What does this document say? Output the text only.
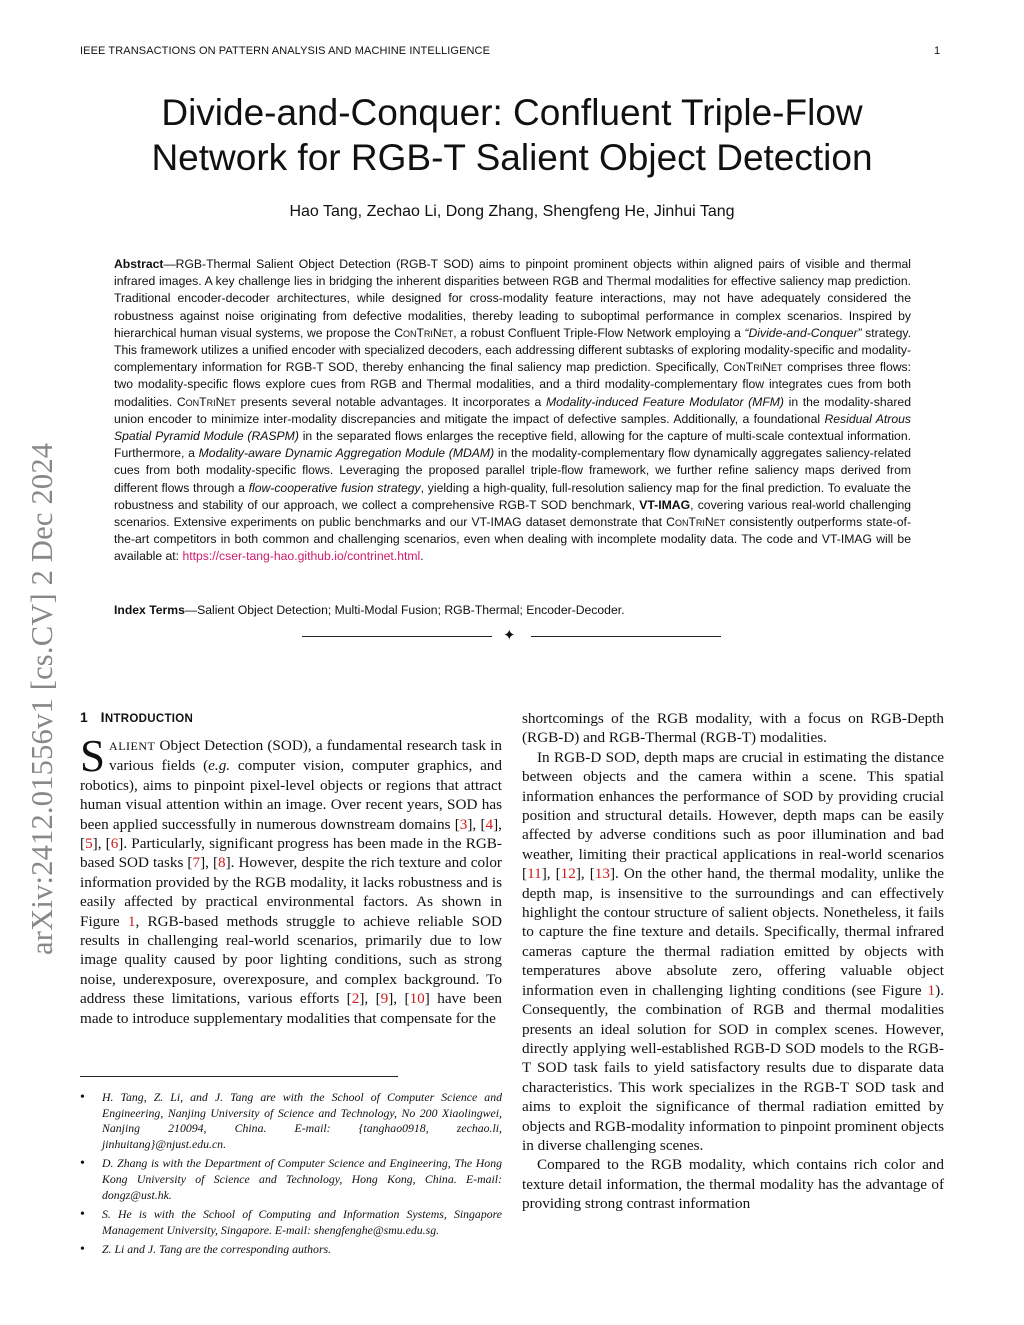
IEEE TRANSACTIONS ON PATTERN ANALYSIS AND MACHINE INTELLIGENCE	1
Divide-and-Conquer: Confluent Triple-Flow
Network for RGB-T Salient Object Detection
Hao Tang, Zechao Li, Dong Zhang, Shengfeng He, Jinhui Tang
Abstract—RGB-Thermal Salient Object Detection (RGB-T SOD) aims to pinpoint prominent objects within aligned pairs of visible and thermal infrared images. A key challenge lies in bridging the inherent disparities between RGB and Thermal modalities for effective saliency map prediction. Traditional encoder-decoder architectures, while designed for cross-modality feature interactions, may not have adequately considered the robustness against noise originating from defective modalities, thereby leading to suboptimal performance in complex scenarios. Inspired by hierarchical human visual systems, we propose the ConTriNet, a robust Confluent Triple-Flow Network employing a “Divide-and-Conquer” strategy. This framework utilizes a unified encoder with specialized decoders, each addressing different subtasks of exploring modality-specific and modality-complementary information for RGB-T SOD, thereby enhancing the final saliency map prediction. Specifically, ConTriNet comprises three flows: two modality-specific flows explore cues from RGB and Thermal modalities, and a third modality-complementary flow integrates cues from both modalities. ConTriNet presents several notable advantages. It incorporates a Modality-induced Feature Modulator (MFM) in the modality-shared union encoder to minimize inter-modality discrepancies and mitigate the impact of defective samples. Additionally, a foundational Residual Atrous Spatial Pyramid Module (RASPM) in the separated flows enlarges the receptive field, allowing for the capture of multi-scale contextual information. Furthermore, a Modality-aware Dynamic Aggregation Module (MDAM) in the modality-complementary flow dynamically aggregates saliency-related cues from both modality-specific flows. Leveraging the proposed parallel triple-flow framework, we further refine saliency maps derived from different flows through a flow-cooperative fusion strategy, yielding a high-quality, full-resolution saliency map for the final prediction. To evaluate the robustness and stability of our approach, we collect a comprehensive RGB-T SOD benchmark, VT-IMAG, covering various real-world challenging scenarios. Extensive experiments on public benchmarks and our VT-IMAG dataset demonstrate that ConTriNet consistently outperforms state-of-the-art competitors in both common and challenging scenarios, even when dealing with incomplete modality data. The code and VT-IMAG will be available at: https://cser-tang-hao.github.io/contrinet.html.
Index Terms—Salient Object Detection; Multi-Modal Fusion; RGB-Thermal; Encoder-Decoder.
✦
arXiv:2412.01556v1 [cs.CV] 2 Dec 2024 1 INTRODUCTION
SALIENT Object Detection (SOD), a fundamental research task in various fields (e.g. computer vision, computer graphics, and robotics), aims to pinpoint pixel-level objects or regions that attract human visual attention within an image. Over recent years, SOD has been applied successfully in numerous downstream domains [3], [4], [5], [6]. Particularly, significant progress has been made in the RGB-based SOD tasks [7], [8]. However, despite the rich texture and color information provided by the RGB modality, it lacks robustness and is easily affected by practical environmental factors. As shown in Figure 1, RGB-based methods struggle to achieve reliable SOD results in challenging real-world scenarios, primarily due to low image quality caused by poor lighting conditions, such as strong noise, underexposure, overexposure, and complex background. To address these limitations, various efforts [2], [9], [10] have been made to introduce supplementary modalities that compensate for the
• H. Tang, Z. Li, and J. Tang are with the School of Computer Science and Engineering, Nanjing University of Science and Technology, No 200 Xiaolingwei, Nanjing 210094, China. E-mail: {tanghao0918, zechao.li, jinhuitang}@njust.edu.cn.
• D. Zhang is with the Department of Computer Science and Engineering, The Hong Kong University of Science and Technology, Hong Kong, China. E-mail: dongz@ust.hk.
• S. He is with the School of Computing and Information Systems, Singapore Management University, Singapore. E-mail: shengfenghe@smu.edu.sg.
• Z. Li and J. Tang are the corresponding authors.

shortcomings of the RGB modality, with a focus on RGB-Depth (RGB-D) and RGB-Thermal (RGB-T) modalities.

In RGB-D SOD, depth maps are crucial in estimating the distance between objects and the camera within a scene. This spatial information enhances the performance of SOD by providing crucial position and structural details. However, depth maps can be easily affected by adverse conditions such as poor illumination and bad weather, limiting their practical applications in real-world scenarios [11], [12], [13]. On the other hand, the thermal modality, unlike the depth map, is insensitive to the surroundings and can effectively highlight the contour structure of salient objects. Nonetheless, it fails to capture the fine texture and details. Specifically, thermal infrared cameras capture the thermal radiation emitted by objects with temperatures above absolute zero, offering valuable object information even in challenging lighting conditions (see Figure 1). Consequently, the combination of RGB and thermal modalities presents an ideal solution for SOD in complex scenes. However, directly applying well-established RGB-D SOD models to the RGB-T SOD task fails to yield satisfactory results due to disparate data characteristics. This work specializes in the RGB-T SOD task and aims to exploit the significance of thermal radiation emitted by objects and RGB-modality information to pinpoint prominent objects in diverse challenging scenes.

Compared to the RGB modality, which contains rich color and texture detail information, the thermal modality has the advantage of providing strong contrast information
